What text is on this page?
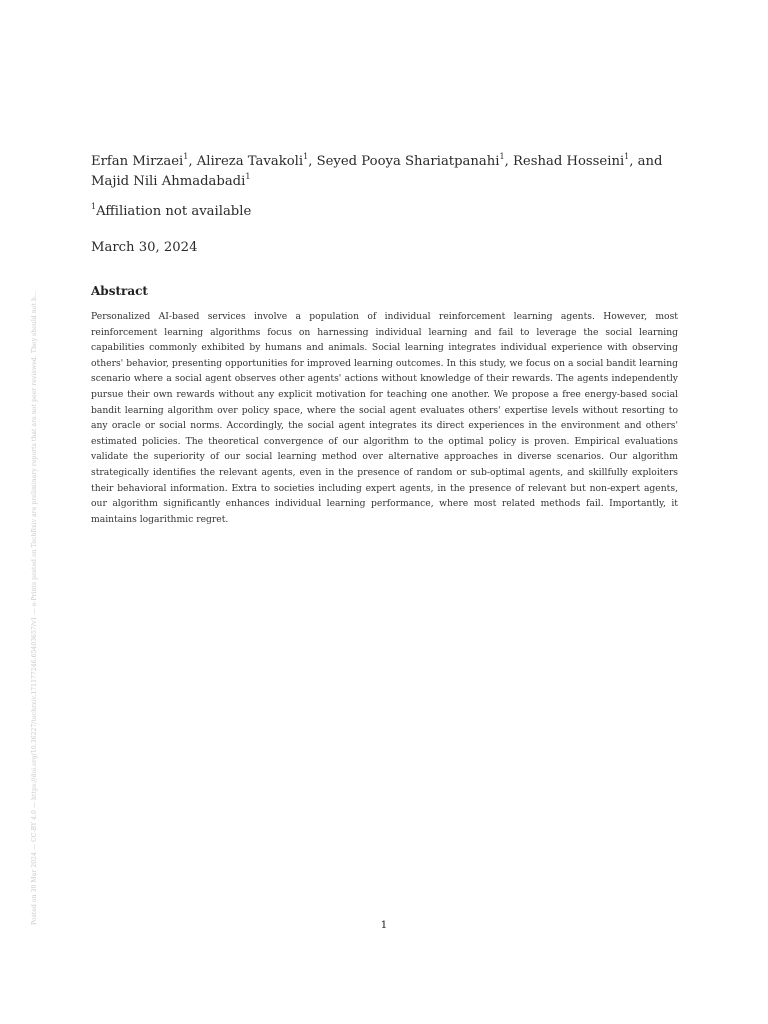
Erfan Mirzaei$^1$, Alireza Tavakoli$^1$, Seyed Pooya Shariatpanahi$^1$, Reshad Hosseini$^1$, and
Majid Nili Ahmadabadi$^1$
$^1$Affiliation not available
March 30, 2024
Abstract
Personalized AI-based services involve a population of individual reinforcement learning agents. However, most reinforcement learning algorithms focus on harnessing individual learning and fail to leverage the social learning capabilities commonly exhibited by humans and animals. Social learning integrates individual experience with observing others' behavior, presenting opportunities for improved learning outcomes. In this study, we focus on a social bandit learning scenario where a social agent observes other agents' actions without knowledge of their rewards. The agents independently pursue their own rewards without any explicit motivation for teaching one another. We propose a free energy-based social bandit learning algorithm over policy space, where the social agent evaluates others' expertise levels without resorting to any oracle or social norms. Accordingly, the social agent integrates its direct experiences in the environment and others' estimated policies. The theoretical convergence of our algorithm to the optimal policy is proven. Empirical evaluations validate the superiority of our social learning method over alternative approaches in diverse scenarios. Our algorithm strategically identifies the relevant agents, even in the presence of random or sub-optimal agents, and skillfully exploiters their behavioral information. Extra to societies including expert agents, in the presence of relevant but non-expert agents, our algorithm significantly enhances individual learning performance, where most related methods fail. Importantly, it maintains logarithmic regret.
1
Posted on 30 Mar 2024 — CC-BY 4.0 — https://doi.org/10.36227/techrxiv.171177246.65403657/v1 — e-Prints posted on TechRxiv are preliminary reports that are not peer reviewed. They should not b...
